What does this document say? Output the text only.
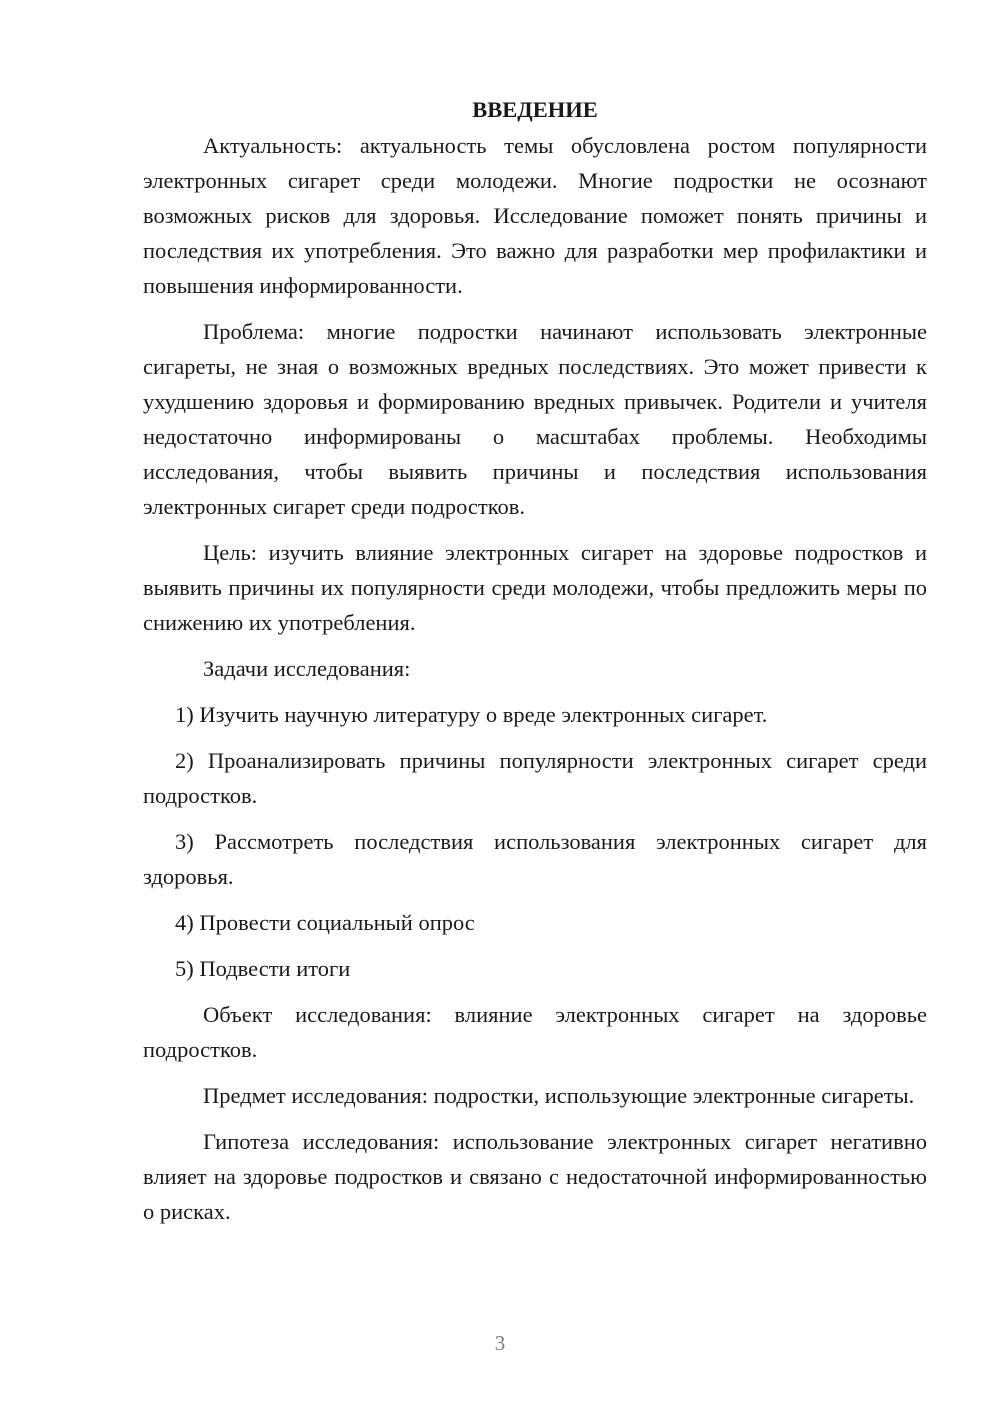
ВВЕДЕНИЕ

Актуальность: актуальность темы обусловлена ростом популярности электронных сигарет среди молодежи. Многие подростки не осознают возможных рисков для здоровья. Исследование поможет понять причины и последствия их употребления. Это важно для разработки мер профилактики и повышения информированности.

Проблема: многие подростки начинают использовать электронные сигареты, не зная о возможных вредных последствиях. Это может привести к ухудшению здоровья и формированию вредных привычек. Родители и учителя недостаточно информированы о масштабах проблемы. Необходимы исследования, чтобы выявить причины и последствия использования электронных сигарет среди подростков.

Цель: изучить влияние электронных сигарет на здоровье подростков и выявить причины их популярности среди молодежи, чтобы предложить меры по снижению их употребления.

Задачи исследования:

1) Изучить научную литературу о вреде электронных сигарет.

2) Проанализировать причины популярности электронных сигарет среди подростков.

3) Рассмотреть последствия использования электронных сигарет для здоровья.

4) Провести социальный опрос

5) Подвести итоги

Объект исследования: влияние электронных сигарет на здоровье подростков.

Предмет исследования: подростки, использующие электронные сигареты.

Гипотеза исследования: использование электронных сигарет негативно влияет на здоровье подростков и связано с недостаточной информированностью о рисках.

3
